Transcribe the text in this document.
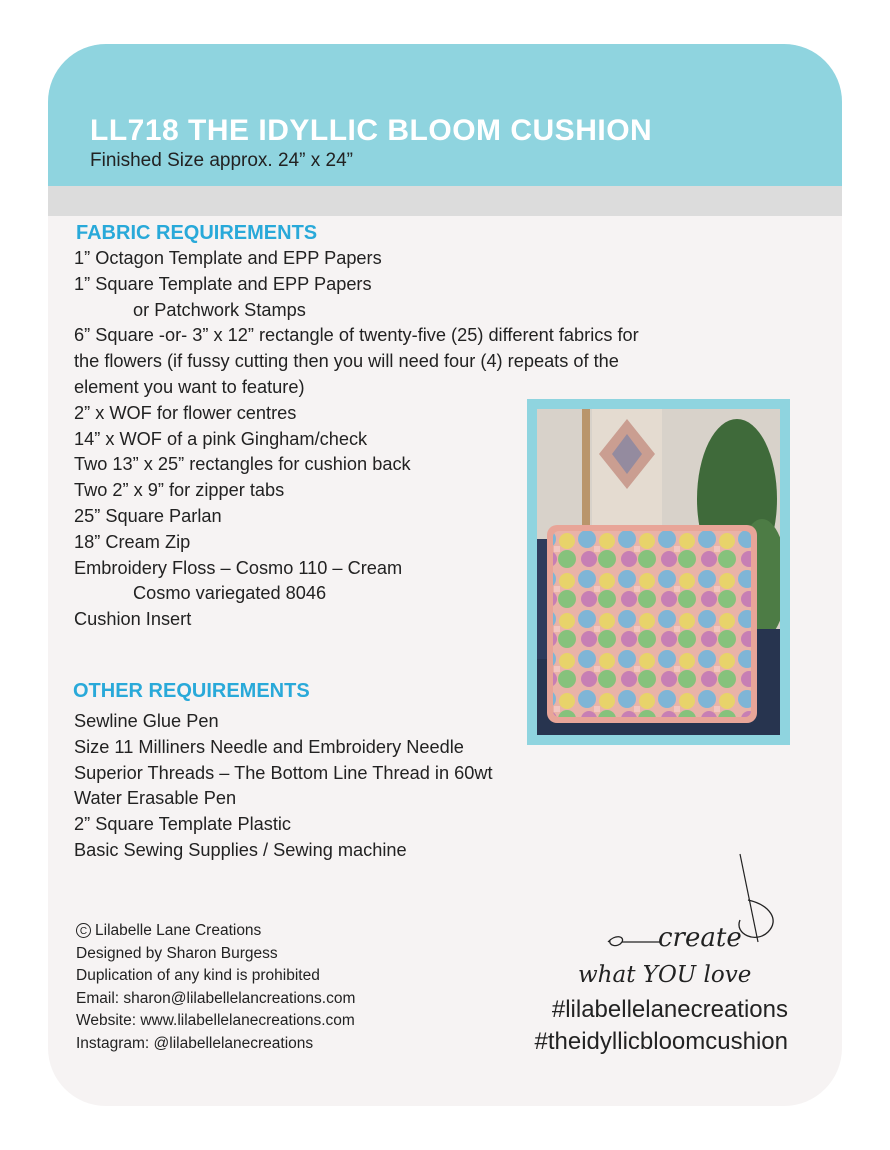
LL718 THE IDYLLIC BLOOM CUSHION
Finished Size approx. 24” x 24”
FABRIC REQUIREMENTS
1” Octagon Template and EPP Papers
1” Square Template and EPP Papers
or Patchwork Stamps
6” Square -or- 3” x 12” rectangle of twenty-five (25) different fabrics for
the flowers (if fussy cutting then you will need four (4) repeats of the
element you want to feature)
2” x WOF for flower centres
14” x WOF of a pink Gingham/check
Two 13” x 25” rectangles for cushion back
Two 2” x 9” for zipper tabs
25” Square Parlan
18” Cream Zip
Embroidery Floss – Cosmo 110 – Cream
Cosmo variegated 8046
Cushion Insert
OTHER REQUIREMENTS
Sewline Glue Pen
Size 11 Milliners Needle and Embroidery Needle
Superior Threads – The Bottom Line Thread in 60wt
Water Erasable Pen
2” Square Template Plastic
Basic Sewing Supplies / Sewing machine
create
what YOU love
C Lilabelle Lane Creations
Designed by Sharon Burgess
Duplication of any kind is prohibited
Email: sharon@lilabellelancreations.com
Website: www.lilabellelanecreations.com
Instagram: @lilabellelanecreations
#lilabellelanecreations
#theidyllicbloomcushion
